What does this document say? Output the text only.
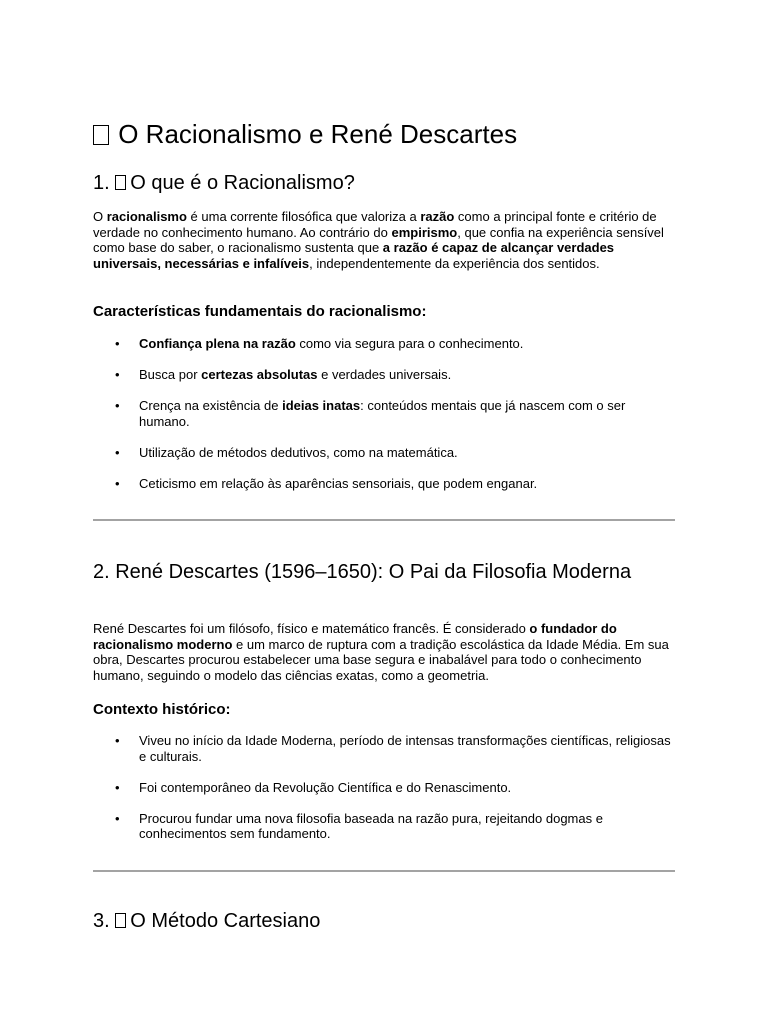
O Racionalismo e René Descartes
1. O que é o Racionalismo?

O racionalismo é uma corrente filosófica que valoriza a razão como a principal fonte e critério de verdade no conhecimento humano. Ao contrário do empirismo, que confia na experiência sensível como base do saber, o racionalismo sustenta que a razão é capaz de alcançar verdades universais, necessárias e infalíveis, independentemente da experiência dos sentidos.

Características fundamentais do racionalismo:
• Confiança plena na razão como via segura para o conhecimento.
• Busca por certezas absolutas e verdades universais.
• Crença na existência de ideias inatas: conteúdos mentais que já nascem com o ser humano.
• Utilização de métodos dedutivos, como na matemática.
• Ceticismo em relação às aparências sensoriais, que podem enganar.
2. René Descartes (1596–1650): O Pai da Filosofia Moderna

René Descartes foi um filósofo, físico e matemático francês. É considerado o fundador do racionalismo moderno e um marco de ruptura com a tradição escolástica da Idade Média. Em sua obra, Descartes procurou estabelecer uma base segura e inabalável para todo o conhecimento humano, seguindo o modelo das ciências exatas, como a geometria.

Contexto histórico:
• Viveu no início da Idade Moderna, período de intensas transformações científicas, religiosas e culturais.
• Foi contemporâneo da Revolução Científica e do Renascimento.
• Procurou fundar uma nova filosofia baseada na razão pura, rejeitando dogmas e conhecimentos sem fundamento.
3. O Método Cartesiano
